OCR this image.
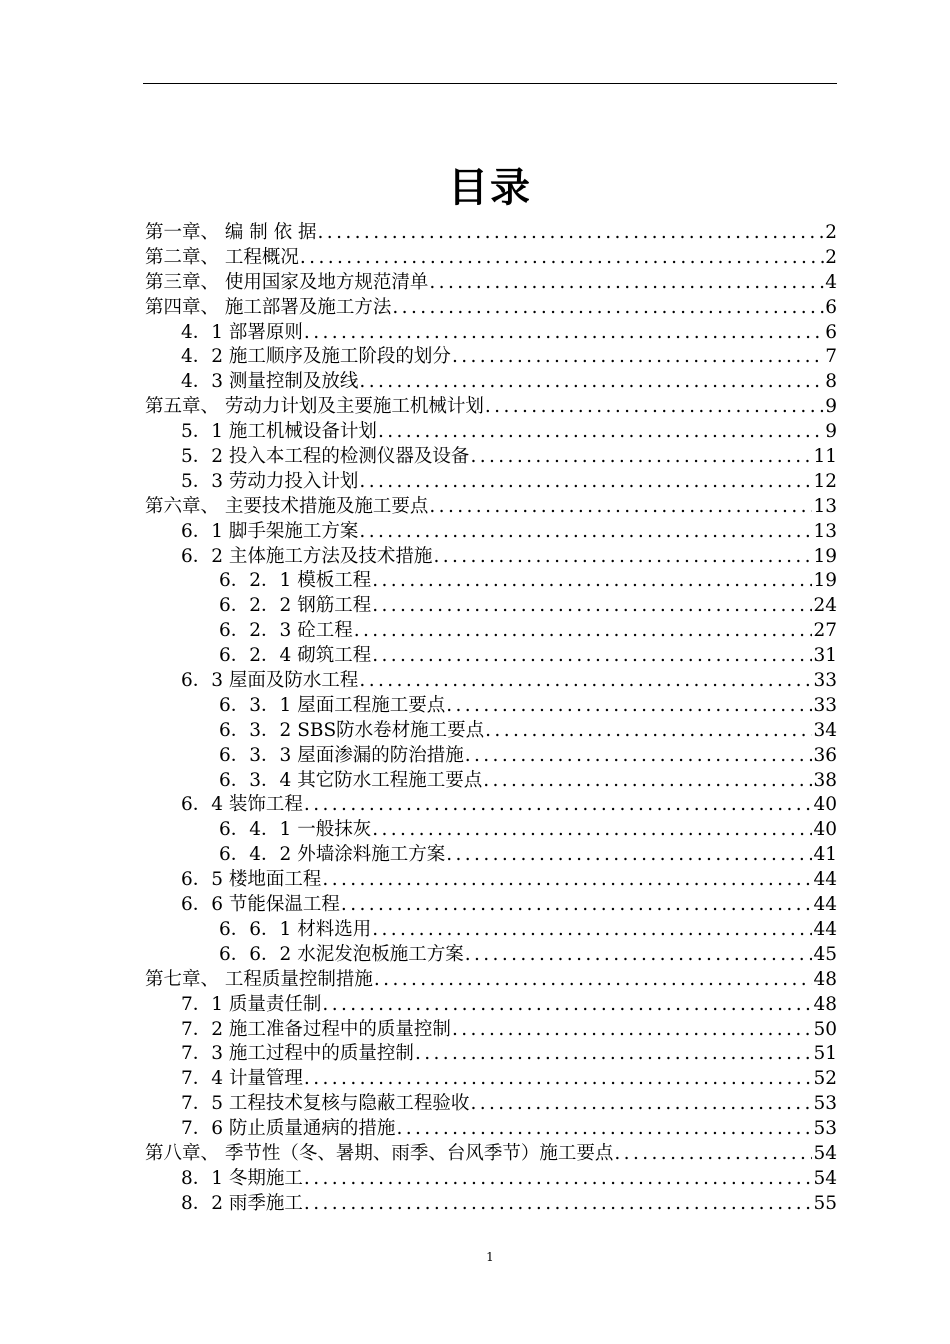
目录
第一章、 编 制 依 据 .....	2
第二章、 工程概况 .....	2
第三章、 使用国家及地方规范清单 .....	4
第四章、 施工部署及施工方法 .....	6
4．1 部署原则 .....	6
4．2 施工顺序及施工阶段的划分 .....	7
4．3 测量控制及放线 .....	8
第五章、 劳动力计划及主要施工机械计划 .....	9
5．1 施工机械设备计划 .....	9
5．2 投入本工程的检测仪器及设备 .....	11
5．3 劳动力投入计划 .....	12
第六章、 主要技术措施及施工要点 .....	13
6．1 脚手架施工方案 .....	13
6．2 主体施工方法及技术措施 .....	19
6．2．1 模板工程 .....	19
6．2．2 钢筋工程 .....	24
6．2．3 砼工程 .....	27
6．2．4 砌筑工程 .....	31
6．3 屋面及防水工程 .....	33
6．3．1 屋面工程施工要点 .....	33
6．3．2 SBS防水卷材施工要点 .....	34
6．3．3 屋面渗漏的防治措施 .....	36
6．3．4 其它防水工程施工要点 .....	38
6．4 装饰工程 .....	40
6．4．1 一般抹灰 .....	40
6．4．2 外墙涂料施工方案 .....	41
6．5 楼地面工程 .....	44
6．6 节能保温工程 .....	44
6．6．1 材料选用 .....	44
6．6．2 水泥发泡板施工方案 .....	45
第七章、 工程质量控制措施 .....	48
7．1 质量责任制 .....	48
7．2 施工准备过程中的质量控制 .....	50
7．3 施工过程中的质量控制 .....	51
7．4 计量管理 .....	52
7．5 工程技术复核与隐蔽工程验收 .....	53
7．6 防止质量通病的措施 .....	53
第八章、 季节性（冬、暑期、雨季、台风季节）施工要点 .....	54
8．1 冬期施工 .....	54
8．2 雨季施工 .....	55
1
